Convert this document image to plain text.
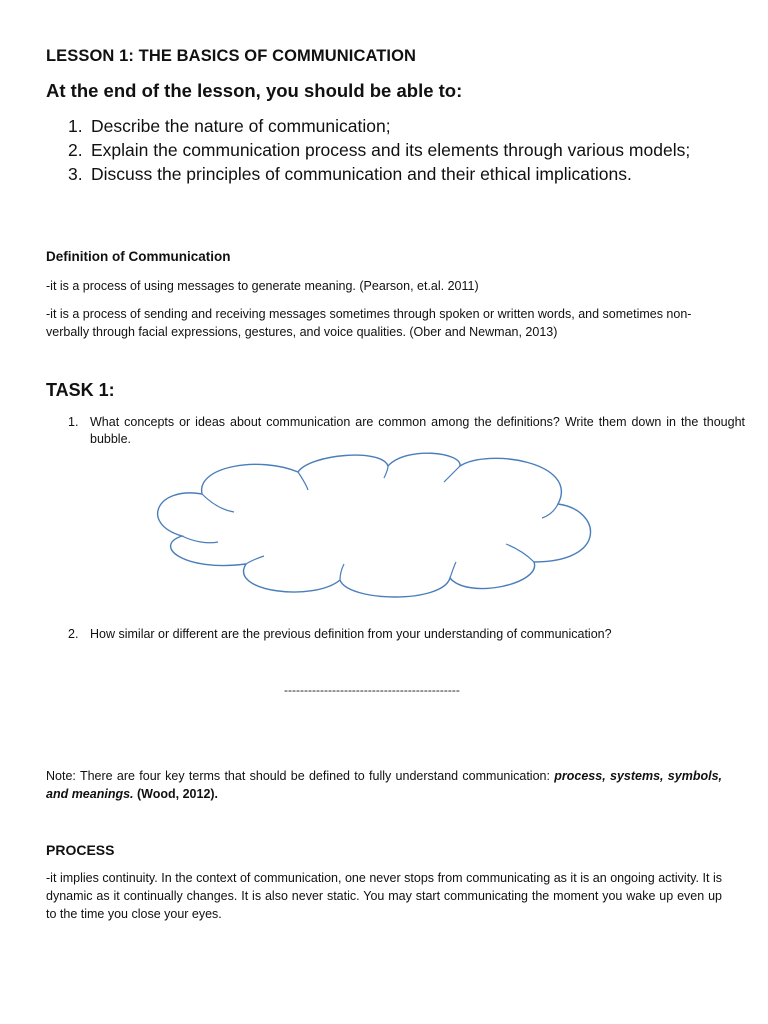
LESSON 1: THE BASICS OF COMMUNICATION
At the end of the lesson, you should be able to:
1. Describe the nature of communication;
2. Explain the communication process and its elements through various models;
3. Discuss the principles of communication and their ethical implications.
Definition of Communication

-it is a process of using messages to generate meaning. (Pearson, et.al. 2011)

-it is a process of sending and receiving messages sometimes through spoken or written words, and sometimes non-verbally through facial expressions, gestures, and voice qualities. (Ober and Newman, 2013)

TASK 1:
1. What concepts or ideas about communication are common among the definitions? Write them down in the thought bubble.
2. How similar or different are the previous definition from your understanding of communication?
--------------------------------------------
Note: There are four key terms that should be defined to fully understand communication: process, systems, symbols, and meanings. (Wood, 2012).
PROCESS
-it implies continuity. In the context of communication, one never stops from communicating as it is an ongoing activity. It is dynamic as it continually changes. It is also never static. You may start communicating the moment you wake up even up to the time you close your eyes.
